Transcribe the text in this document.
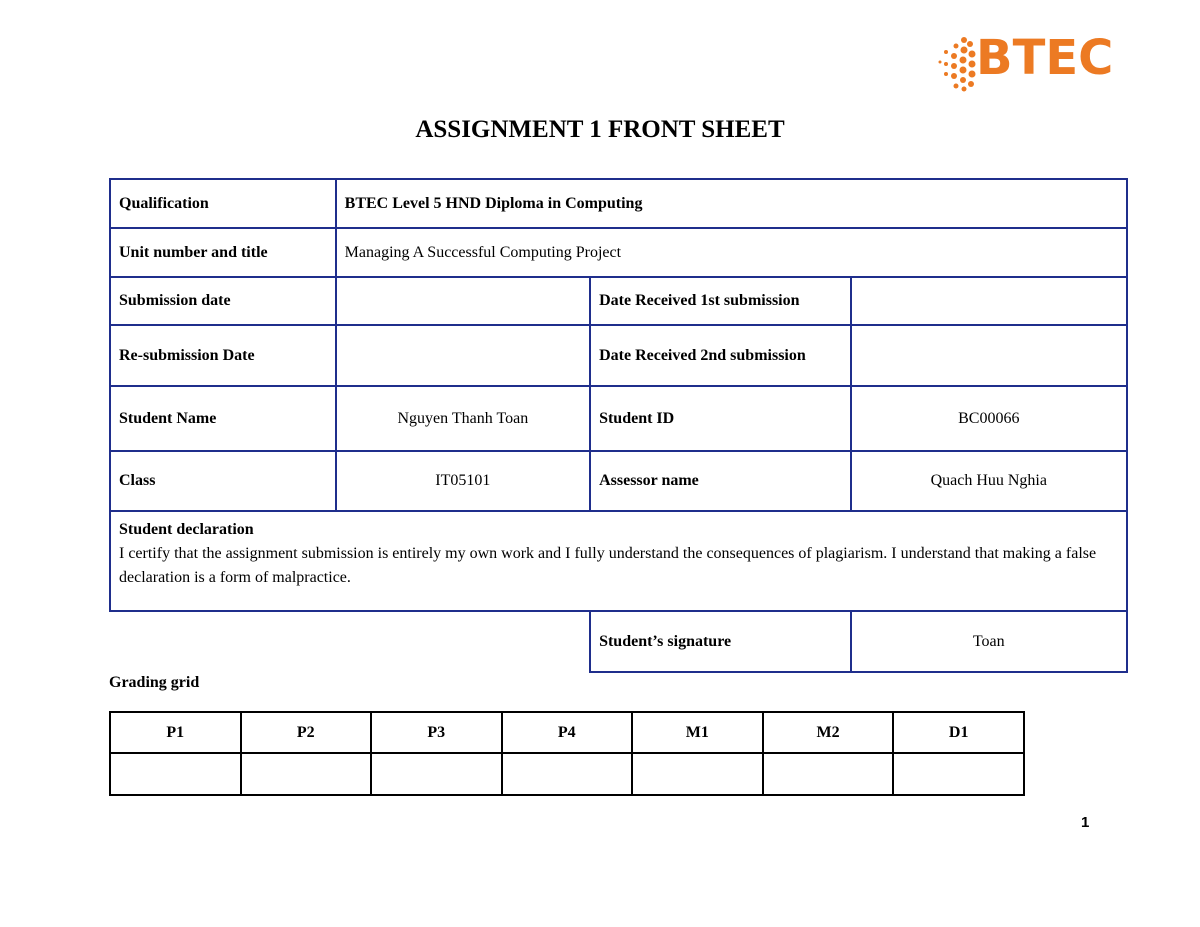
BTEC
ASSIGNMENT 1 FRONT SHEET
Qualification	BTEC Level 5 HND Diploma in Computing		
Unit number and title	Managing A Successful Computing Project		
Submission date		Date Received 1st submission	
Re-submission Date		Date Received 2nd submission	
Student Name	Nguyen Thanh Toan	Student ID	BC00066
Class	IT05101	Assessor name	Quach Huu Nghia

Student declaration
I certify that the assignment submission is entirely my own work and I fully understand the consequences of plagiarism. I understand that making a false declaration is a form of malpractice.			

		Student’s signature	Toan
Grading grid
P1	P2	P3	P4	M1	M2	D1

1
